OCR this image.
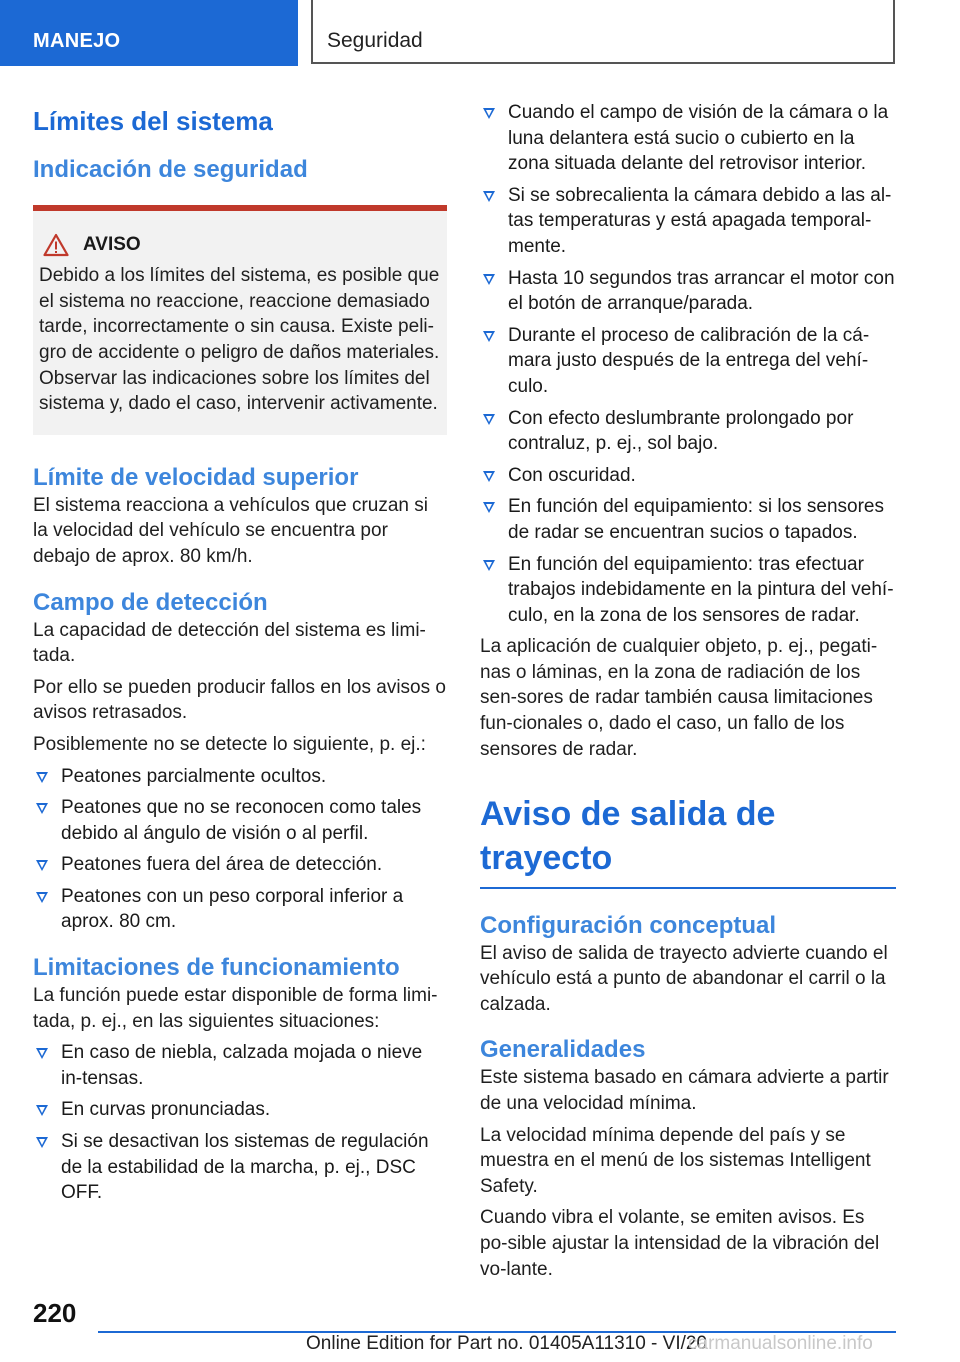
MANEJO	Seguridad
Límites del sistema
Indicación de seguridad
AVISO

Debido a los límites del sistema, es posible que el sistema no reaccione, reaccione demasiado tarde, incorrectamente o sin causa. Existe peli-gro de accidente o peligro de daños materiales. Observar las indicaciones sobre los límites del sistema y, dado el caso, intervenir activamente.

Límite de velocidad superior

El sistema reacciona a vehículos que cruzan si la velocidad del vehículo se encuentra por debajo de aprox. 80 km/h.

Campo de detección

La capacidad de detección del sistema es limi-tada.

Por ello se pueden producir fallos en los avisos o avisos retrasados.

Posiblemente no se detecte lo siguiente, p. ej.:

Peatones parcialmente ocultos.
Peatones que no se reconocen como tales debido al ángulo de visión o al perfil.
Peatones fuera del área de detección.
Peatones con un peso corporal inferior a aprox. 80 cm.
Limitaciones de funcionamiento

La función puede estar disponible de forma limi-tada, p. ej., en las siguientes situaciones:

En caso de niebla, calzada mojada o nieve in-tensas.
En curvas pronunciadas.
Si se desactivan los sistemas de regulación de la estabilidad de la marcha, p. ej., DSC OFF.
Cuando el campo de visión de la cámara o la luna delantera está sucio o cubierto en la zona situada delante del retrovisor interior.
Si se sobrecalienta la cámara debido a las al-tas temperaturas y está apagada temporal-mente.
Hasta 10 segundos tras arrancar el motor con el botón de arranque/parada.
Durante el proceso de calibración de la cá-mara justo después de la entrega del vehí-culo.
Con efecto deslumbrante prolongado por contraluz, p. ej., sol bajo.
Con oscuridad.
En función del equipamiento: si los sensores de radar se encuentran sucios o tapados.
En función del equipamiento: tras efectuar trabajos indebidamente en la pintura del vehí-culo, en la zona de los sensores de radar.

La aplicación de cualquier objeto, p. ej., pegati-nas o láminas, en la zona de radiación de los sen-sores de radar también causa limitaciones fun-cionales o, dado el caso, un fallo de los sensores de radar.

Aviso de salida de trayecto
Configuración conceptual

El aviso de salida de trayecto advierte cuando el vehículo está a punto de abandonar el carril o la calzada.

Generalidades

Este sistema basado en cámara advierte a partir de una velocidad mínima.

La velocidad mínima depende del país y se muestra en el menú de los sistemas Intelligent Safety.

Cuando vibra el volante, se emiten avisos. Es po-sible ajustar la intensidad de la vibración del vo-lante.

220
Online Edition for Part no. 01405A11310 - VI/20
carmanualsonline.info
